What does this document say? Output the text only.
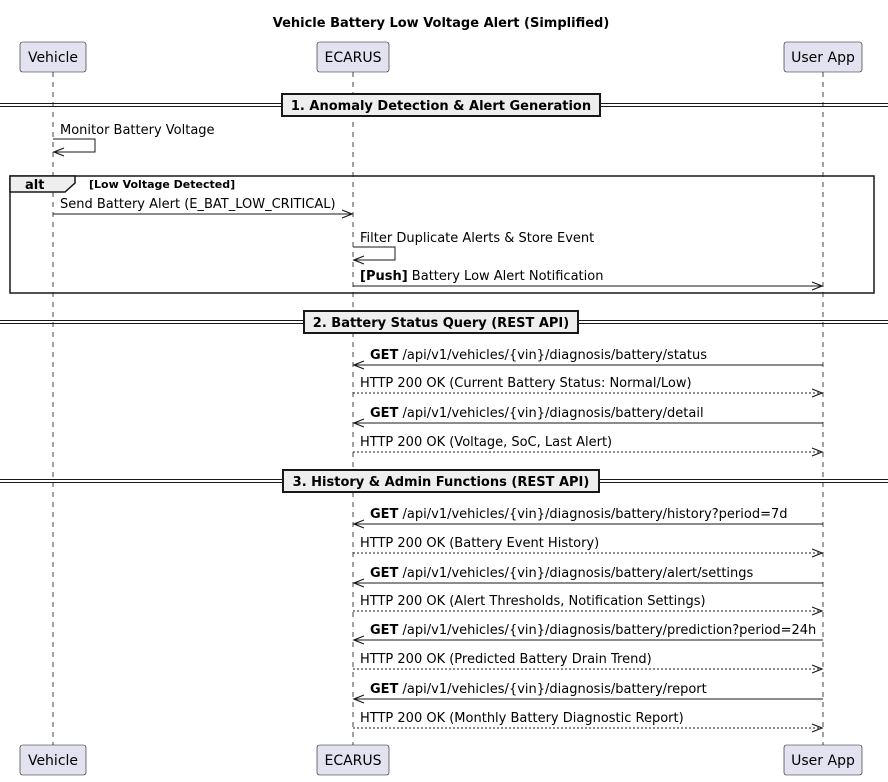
Vehicle Battery Low Voltage Alert (Simplified)
alt	[Low Voltage Detected]
1. Anomaly Detection & Alert Generation
2. Battery Status Query (REST API)
3. History & Admin Functions (REST API)
Monitor Battery Voltage
Send Battery Alert (E_BAT_LOW_CRITICAL)
Filter Duplicate Alerts & Store Event
[Push] Battery Low Alert Notification
GET /api/v1/vehicles/{vin}/diagnosis/battery/status
HTTP 200 OK (Current Battery Status: Normal/Low)
GET /api/v1/vehicles/{vin}/diagnosis/battery/detail
HTTP 200 OK (Voltage, SoC, Last Alert)
GET /api/v1/vehicles/{vin}/diagnosis/battery/history?period=7d
HTTP 200 OK (Battery Event History)
GET /api/v1/vehicles/{vin}/diagnosis/battery/alert/settings
HTTP 200 OK (Alert Thresholds, Notification Settings)
GET /api/v1/vehicles/{vin}/diagnosis/battery/prediction?period=24h
HTTP 200 OK (Predicted Battery Drain Trend)
GET /api/v1/vehicles/{vin}/diagnosis/battery/report
HTTP 200 OK (Monthly Battery Diagnostic Report)
Vehicle
Vehicle
ECARUS
ECARUS
User App
User App
